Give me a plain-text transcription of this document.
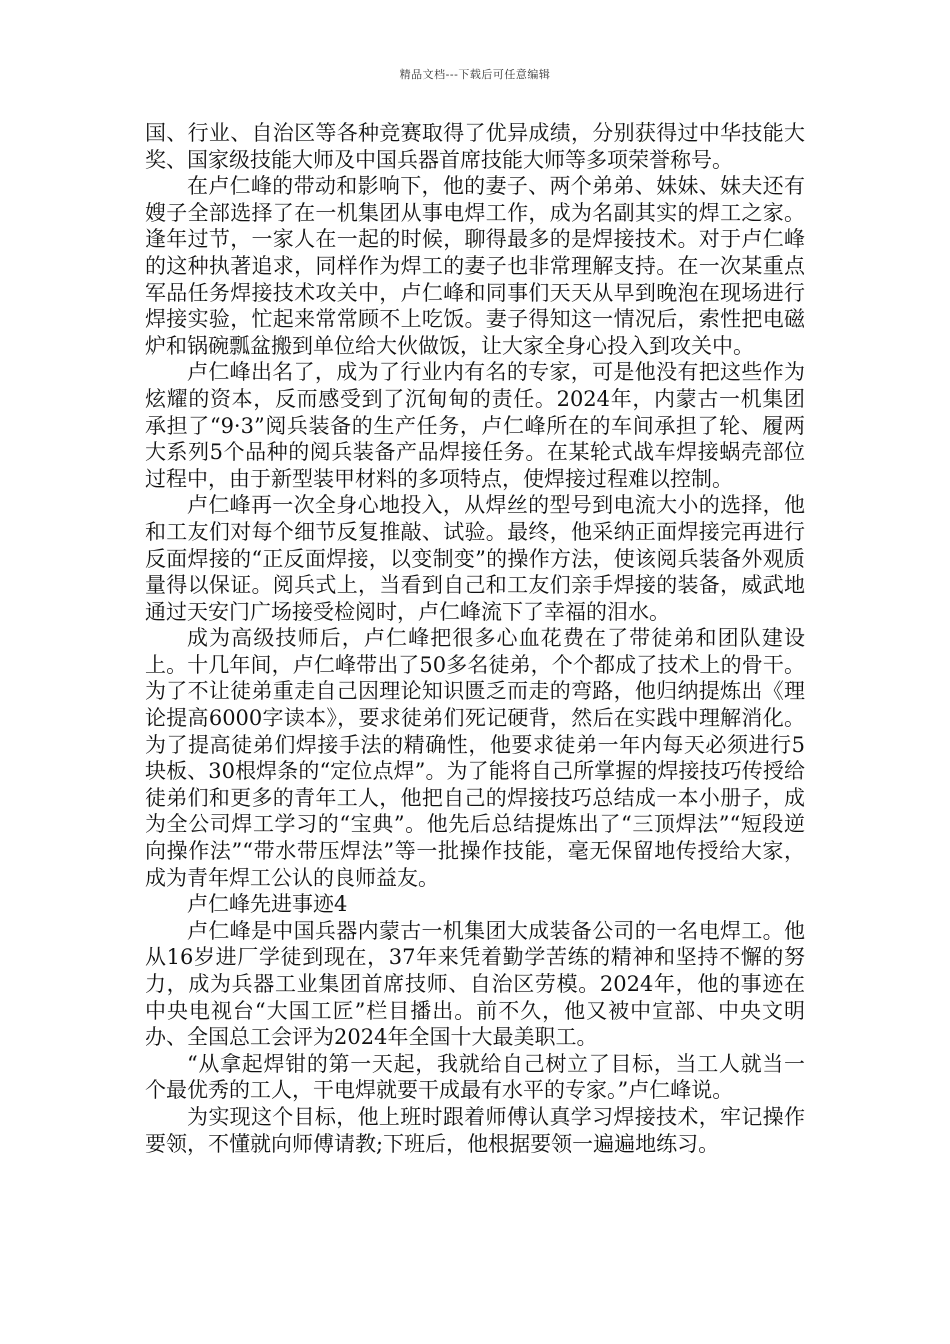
精品文档---下载后可任意编辑

国、行业、自治区等各种竞赛取得了优异成绩，分别获得过中华技能大奖、国家级技能大师及中国兵器首席技能大师等多项荣誉称号。

在卢仁峰的带动和影响下，他的妻子、两个弟弟、妹妹、妹夫还有嫂子全部选择了在一机集团从事电焊工作，成为名副其实的焊工之家。逢年过节，一家人在一起的时候，聊得最多的是焊接技术。对于卢仁峰的这种执著追求，同样作为焊工的妻子也非常理解支持。在一次某重点军品任务焊接技术攻关中，卢仁峰和同事们天天从早到晚泡在现场进行焊接实验，忙起来常常顾不上吃饭。妻子得知这一情况后，索性把电磁炉和锅碗瓢盆搬到单位给大伙做饭，让大家全身心投入到攻关中。

卢仁峰出名了，成为了行业内有名的专家，可是他没有把这些作为炫耀的资本，反而感受到了沉甸甸的责任。2024年，内蒙古一机集团承担了“9·3”阅兵装备的生产任务，卢仁峰所在的车间承担了轮、履两大系列5个品种的阅兵装备产品焊接任务。在某轮式战车焊接蜗壳部位过程中，由于新型装甲材料的多项特点，使焊接过程难以控制。

卢仁峰再一次全身心地投入，从焊丝的型号到电流大小的选择，他和工友们对每个细节反复推敲、试验。最终，他采纳正面焊接完再进行反面焊接的“正反面焊接，以变制变”的操作方法，使该阅兵装备外观质量得以保证。阅兵式上，当看到自己和工友们亲手焊接的装备，威武地通过天安门广场接受检阅时，卢仁峰流下了幸福的泪水。

成为高级技师后，卢仁峰把很多心血花费在了带徒弟和团队建设上。十几年间，卢仁峰带出了50多名徒弟，个个都成了技术上的骨干。为了不让徒弟重走自己因理论知识匮乏而走的弯路，他归纳提炼出《理论提高6000字读本》，要求徒弟们死记硬背，然后在实践中理解消化。为了提高徒弟们焊接手法的精确性，他要求徒弟一年内每天必须进行5块板、30根焊条的“定位点焊”。为了能将自己所掌握的焊接技巧传授给徒弟们和更多的青年工人，他把自己的焊接技巧总结成一本小册子，成为全公司焊工学习的“宝典”。他先后总结提炼出了“三顶焊法”“短段逆向操作法”“带水带压焊法”等一批操作技能，毫无保留地传授给大家，成为青年焊工公认的良师益友。

卢仁峰先进事迹4

卢仁峰是中国兵器内蒙古一机集团大成装备公司的一名电焊工。他从16岁进厂学徒到现在，37年来凭着勤学苦练的精神和坚持不懈的努力，成为兵器工业集团首席技师、自治区劳模。2024年，他的事迹在中央电视台“大国工匠”栏目播出。前不久，他又被中宣部、中央文明办、全国总工会评为2024年全国十大最美职工。

“从拿起焊钳的第一天起，我就给自己树立了目标，当工人就当一个最优秀的工人，干电焊就要干成最有水平的专家。”卢仁峰说。

为实现这个目标，他上班时跟着师傅认真学习焊接技术，牢记操作要领，不懂就向师傅请教;下班后，他根据要领一遍遍地练习。
